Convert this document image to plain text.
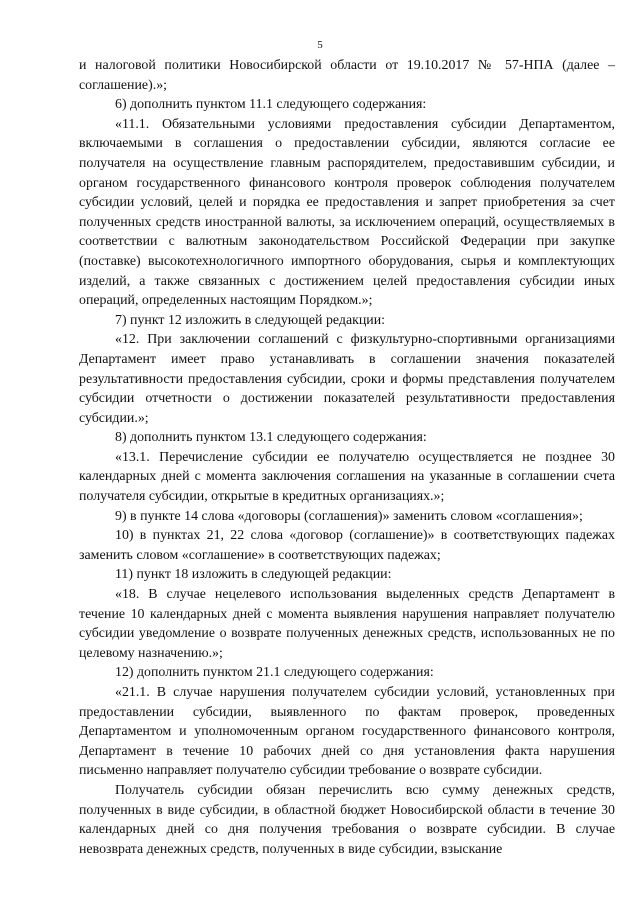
5

и налоговой политики Новосибирской области от 19.10.2017 № 57-НПА (далее – соглашение).»;

6) дополнить пунктом 11.1 следующего содержания:

«11.1. Обязательными условиями предоставления субсидии Департаментом, включаемыми в соглашения о предоставлении субсидии, являются согласие ее получателя на осуществление главным распорядителем, предоставившим субсидии, и органом государственного финансового контроля проверок соблюдения получателем субсидии условий, целей и порядка ее предоставления и запрет приобретения за счет полученных средств иностранной валюты, за исключением операций, осуществляемых в соответствии с валютным законодательством Российской Федерации при закупке (поставке) высокотехнологичного импортного оборудования, сырья и комплектующих изделий, а также связанных с достижением целей предоставления субсидии иных операций, определенных настоящим Порядком.»;

7) пункт 12 изложить в следующей редакции:

«12. При заключении соглашений с физкультурно-спортивными организациями Департамент имеет право устанавливать в соглашении значения показателей результативности предоставления субсидии, сроки и формы представления получателем субсидии отчетности о достижении показателей результативности предоставления субсидии.»;

8) дополнить пунктом 13.1 следующего содержания:

«13.1. Перечисление субсидии ее получателю осуществляется не позднее 30 календарных дней с момента заключения соглашения на указанные в соглашении счета получателя субсидии, открытые в кредитных организациях.»;

9) в пункте 14 слова «договоры (соглашения)» заменить словом «соглашения»;

10) в пунктах 21, 22 слова «договор (соглашение)» в соответствующих падежах заменить словом «соглашение» в соответствующих падежах;

11) пункт 18 изложить в следующей редакции:

«18. В случае нецелевого использования выделенных средств Департамент в течение 10 календарных дней с момента выявления нарушения направляет получателю субсидии уведомление о возврате полученных денежных средств, использованных не по целевому назначению.»;

12) дополнить пунктом 21.1 следующего содержания:

«21.1. В случае нарушения получателем субсидии условий, установленных при предоставлении субсидии, выявленного по фактам проверок, проведенных Департаментом и уполномоченным органом государственного финансового контроля, Департамент в течение 10 рабочих дней со дня установления факта нарушения письменно направляет получателю субсидии требование о возврате субсидии.

Получатель субсидии обязан перечислить всю сумму денежных средств, полученных в виде субсидии, в областной бюджет Новосибирской области в течение 30 календарных дней со дня получения требования о возврате субсидии. В случае невозврата денежных средств, полученных в виде субсидии, взыскание
